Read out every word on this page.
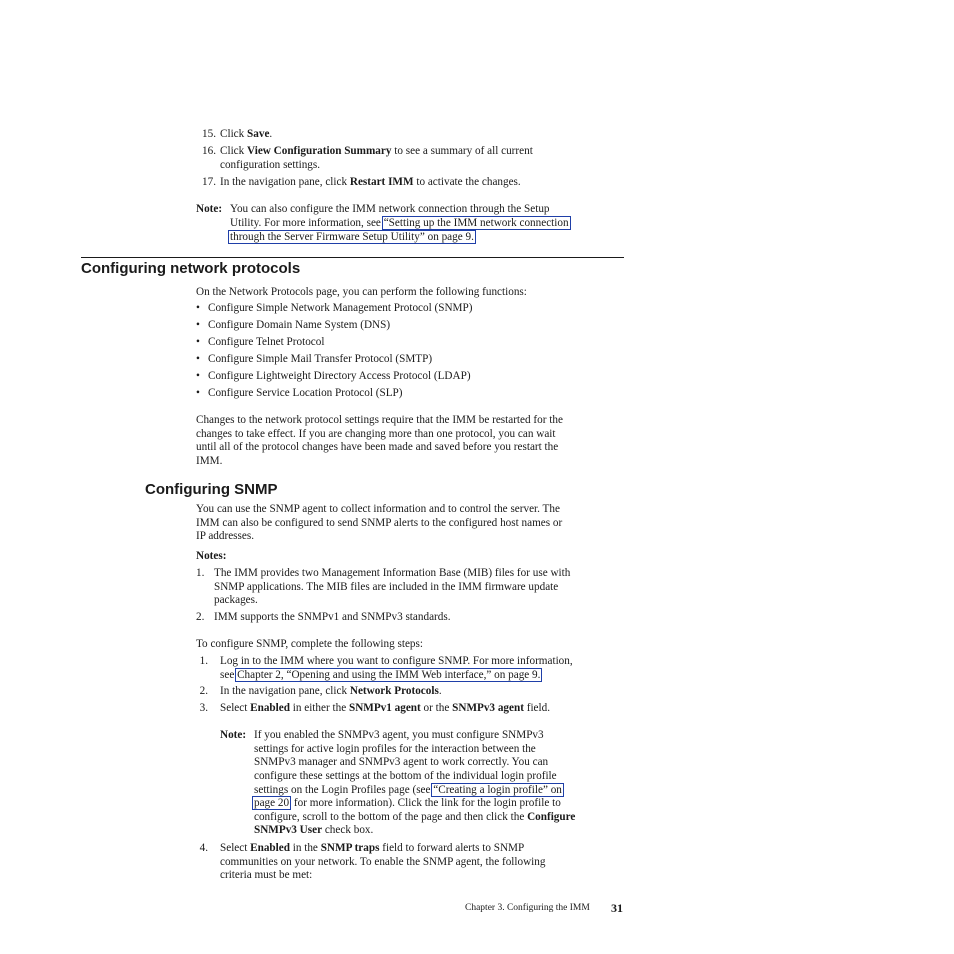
15. Click Save.
16. Click View Configuration Summary to see a summary of all current
configuration settings.
17. In the navigation pane, click Restart IMM to activate the changes.
Note: You can also configure the IMM network connection through the Setup
Utility. For more information, see “Setting up the IMM network connection
through the Server Firmware Setup Utility” on page 9.
Configuring network protocols
On the Network Protocols page, you can perform the following functions:
• Configure Simple Network Management Protocol (SNMP)
• Configure Domain Name System (DNS)
• Configure Telnet Protocol
• Configure Simple Mail Transfer Protocol (SMTP)
• Configure Lightweight Directory Access Protocol (LDAP)
• Configure Service Location Protocol (SLP)
Changes to the network protocol settings require that the IMM be restarted for the
changes to take effect. If you are changing more than one protocol, you can wait
until all of the protocol changes have been made and saved before you restart the
IMM.
Configuring SNMP
You can use the SNMP agent to collect information and to control the server. The
IMM can also be configured to send SNMP alerts to the configured host names or
IP addresses.
Notes:
1. The IMM provides two Management Information Base (MIB) files for use with
SNMP applications. The MIB files are included in the IMM firmware update
packages.
2. IMM supports the SNMPv1 and SNMPv3 standards.
To configure SNMP, complete the following steps:
1. Log in to the IMM where you want to configure SNMP. For more information,
see Chapter 2, “Opening and using the IMM Web interface,” on page 9.
2. In the navigation pane, click Network Protocols.
3. Select Enabled in either the SNMPv1 agent or the SNMPv3 agent field.
Note: If you enabled the SNMPv3 agent, you must configure SNMPv3
settings for active login profiles for the interaction between the
SNMPv3 manager and SNMPv3 agent to work correctly. You can
configure these settings at the bottom of the individual login profile
settings on the Login Profiles page (see “Creating a login profile” on
page 20 for more information). Click the link for the login profile to
configure, scroll to the bottom of the page and then click the Configure
SNMPv3 User check box.
4. Select Enabled in the SNMP traps field to forward alerts to SNMP
communities on your network. To enable the SNMP agent, the following
criteria must be met:
Chapter 3. Configuring the IMM 31
